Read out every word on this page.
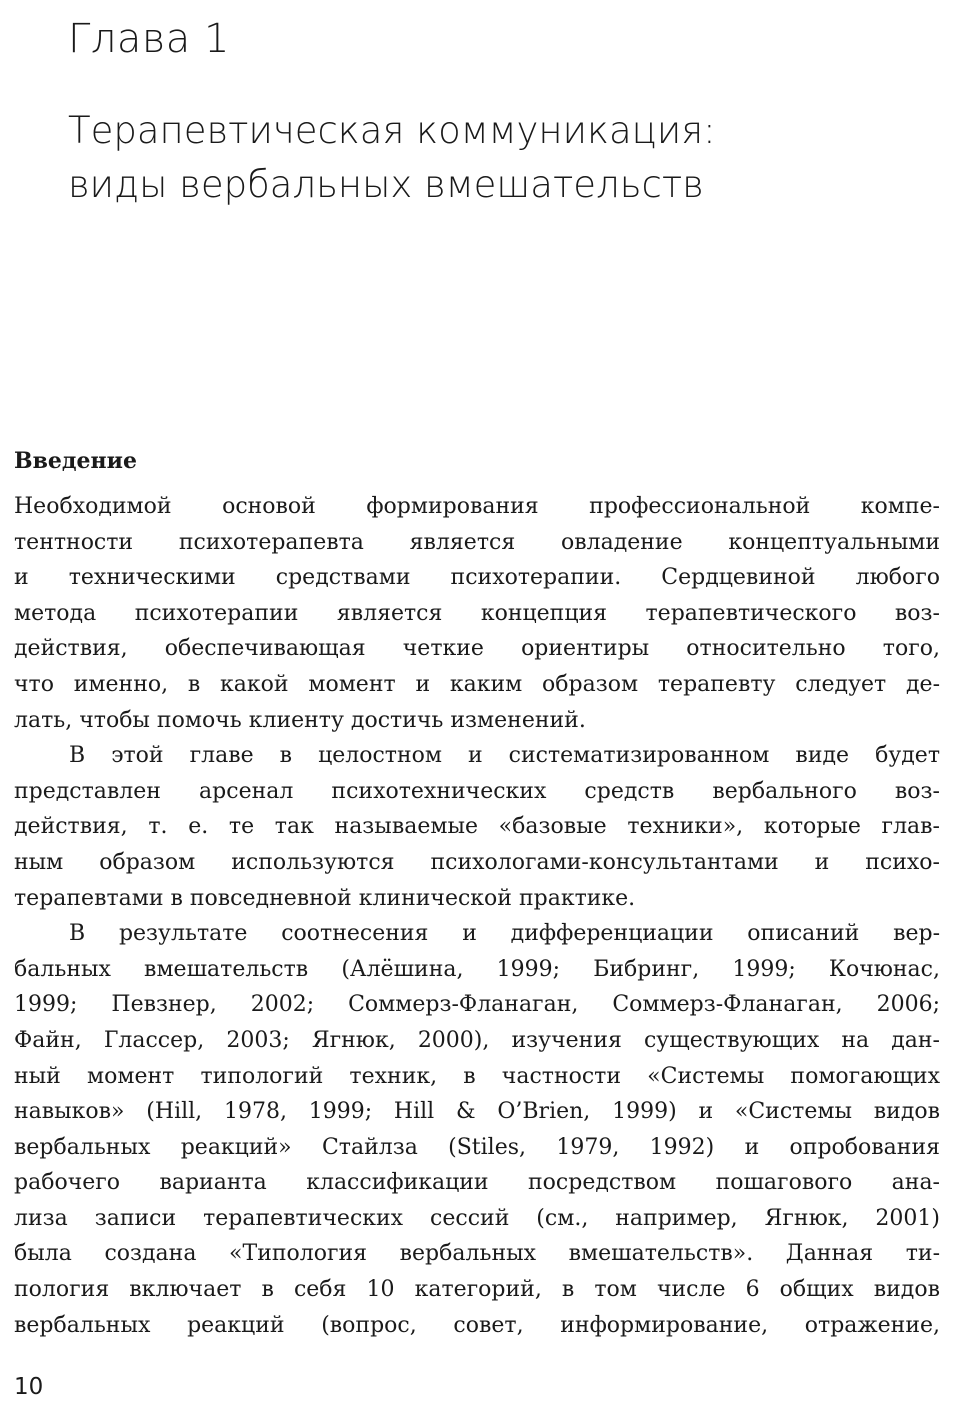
Глава 1
Терапевтическая коммуникация:
виды вербальных вмешательств
Введение
Необходимой основой формирования профессиональной компе-
тентности психотерапевта является овладение концептуальными
и техническими средствами психотерапии. Сердцевиной любого
метода психотерапии является концепция терапевтического воз-
действия, обеспечивающая четкие ориентиры относительно того,
что именно, в какой момент и каким образом терапевту следует де-
лать, чтобы помочь клиенту достичь изменений.
В этой главе в целостном и систематизированном виде будет
представлен арсенал психотехнических средств вербального воз-
действия, т. е. те так называемые «базовые техники», которые глав-
ным образом используются психологами-консультантами и психо-
терапевтами в повседневной клинической практике.
В результате соотнесения и дифференциации описаний вер-
бальных вмешательств (Алёшина, 1999; Бибринг, 1999; Кочюнас,
1999; Певзнер, 2002; Соммерз-Фланаган, Соммерз-Фланаган, 2006;
Файн, Глассер, 2003; Ягнюк, 2000), изучения существующих на дан-
ный момент типологий техник, в частности «Системы помогающих
навыков» (Hill, 1978, 1999; Hill & O’Brien, 1999) и «Системы видов
вербальных реакций» Стайлза (Stiles, 1979, 1992) и опробования
рабочего варианта классификации посредством пошагового ана-
лиза записи терапевтических сессий (см., например, Ягнюк, 2001)
была создана «Типология вербальных вмешательств». Данная ти-
пология включает в себя 10 категорий, в том числе 6 общих видов
вербальных реакций (вопрос, совет, информирование, отражение,

10
